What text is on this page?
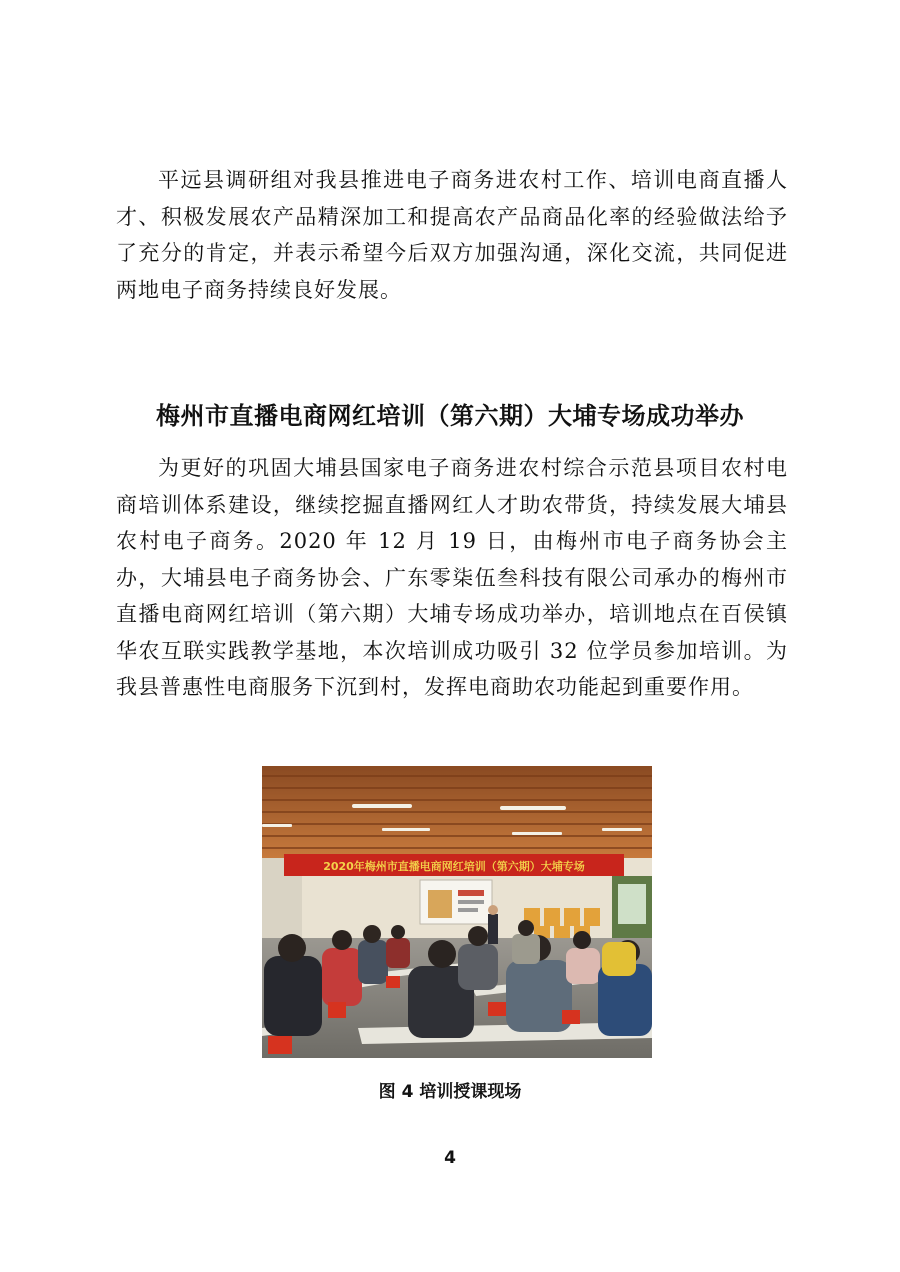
平远县调研组对我县推进电子商务进农村工作、培训电商直播人才、积极发展农产品精深加工和提高农产品商品化率的经验做法给予了充分的肯定，并表示希望今后双方加强沟通，深化交流，共同促进两地电子商务持续良好发展。

梅州市直播电商网红培训（第六期）大埔专场成功举办

为更好的巩固大埔县国家电子商务进农村综合示范县项目农村电商培训体系建设，继续挖掘直播网红人才助农带货，持续发展大埔县农村电子商务。2020 年 12 月 19 日，由梅州市电子商务协会主办，大埔县电子商务协会、广东零柒伍叁科技有限公司承办的梅州市直播电商网红培训（第六期）大埔专场成功举办，培训地点在百侯镇华农互联实践教学基地，本次培训成功吸引 32 位学员参加培训。为我县普惠性电商服务下沉到村，发挥电商助农功能起到重要作用。

2020年梅州市直播电商网红培训（第六期）大埔专场

图 4 培训授课现场

4
